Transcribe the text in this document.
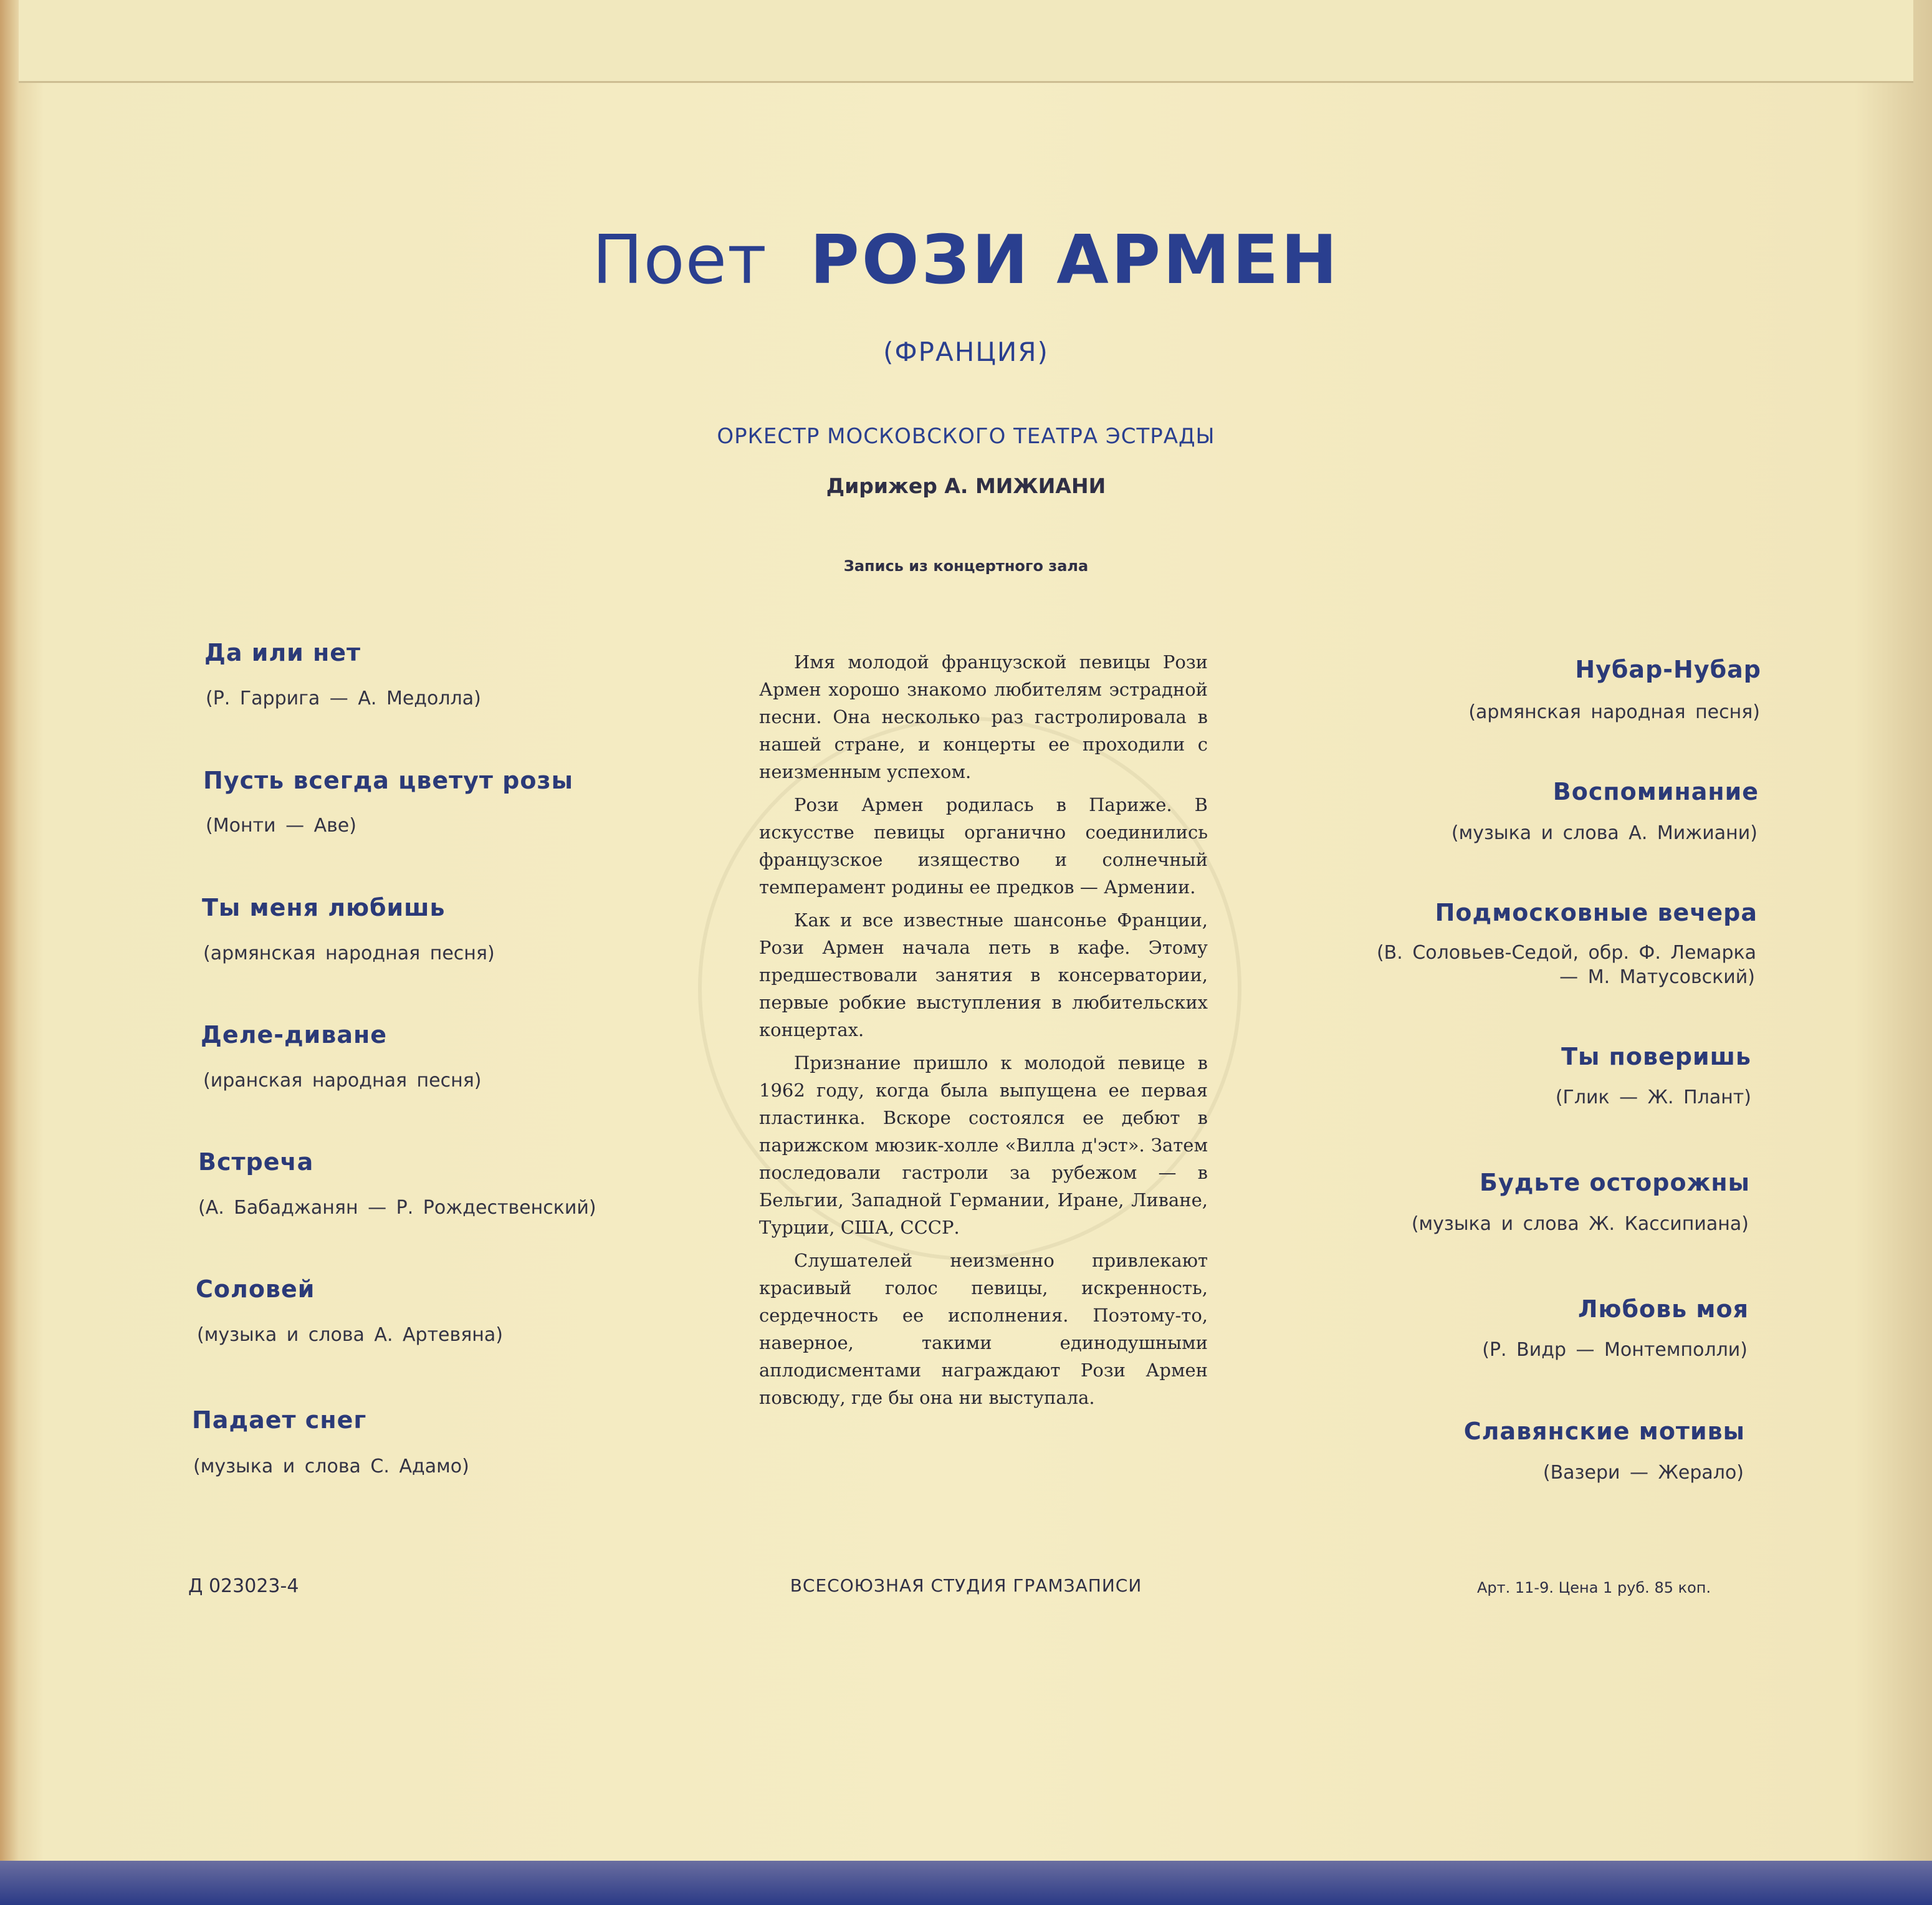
Поет РОЗИ АРМЕН
(ФРАНЦИЯ)
ОРКЕСТР МОСКОВСКОГО ТЕАТРА ЭСТРАДЫ
Дирижер А. МИЖИАНИ
Запись из концертного зала
Да или нет
(Р. Гаррига — А. Медолла)
Пусть всегда цветут розы
(Монти — Аве)
Ты меня любишь
(армянская народная песня)
Деле-диване
(иранская народная песня)
Встреча
(А. Бабаджанян — Р. Рождественский)
Соловей
(музыка и слова А. Артевяна)
Падает снег
(музыка и слова С. Адамо)

Имя молодой французской певицы Рози Армен хорошо знакомо любителям эстрадной песни. Она несколько раз гастролировала в нашей стране, и концерты ее проходили с неизменным успехом.

Рози Армен родилась в Париже. В искусстве певицы органично соединились французское изящество и солнечный темперамент родины ее предков — Армении.

Как и все известные шансонье Франции, Рози Армен начала петь в кафе. Этому предшествовали занятия в консерватории, первые робкие выступления в любительских концертах.

Признание пришло к молодой певице в 1962 году, когда была выпущена ее первая пластинка. Вскоре состоялся ее дебют в парижском мюзик-холле «Вилла д'эст». Затем последовали гастроли за рубежом — в Бельгии, Западной Германии, Иране, Ливане, Турции, США, СССР.

Слушателей неизменно привлекают красивый голос певицы, искренность, сердечность ее исполнения. Поэтому-то, наверное, такими единодушными аплодисментами награждают Рози Армен повсюду, где бы она ни выступала.

Нубар-Нубар
(армянская народная песня)
Воспоминание
(музыка и слова А. Мижиани)
Подмосковные вечера
(В. Соловьев-Седой, обр. Ф. Лемарка
— М. Матусовский)
Ты поверишь
(Глик — Ж. Плант)
Будьте осторожны
(музыка и слова Ж. Кассипиана)
Любовь моя
(Р. Видр — Монтемполли)
Славянские мотивы
(Вазери — Жерало)
Д 023023-4	ВСЕСОЮЗНАЯ СТУДИЯ ГРАМЗАПИСИ	Арт. 11-9. Цена 1 руб. 85 коп.
